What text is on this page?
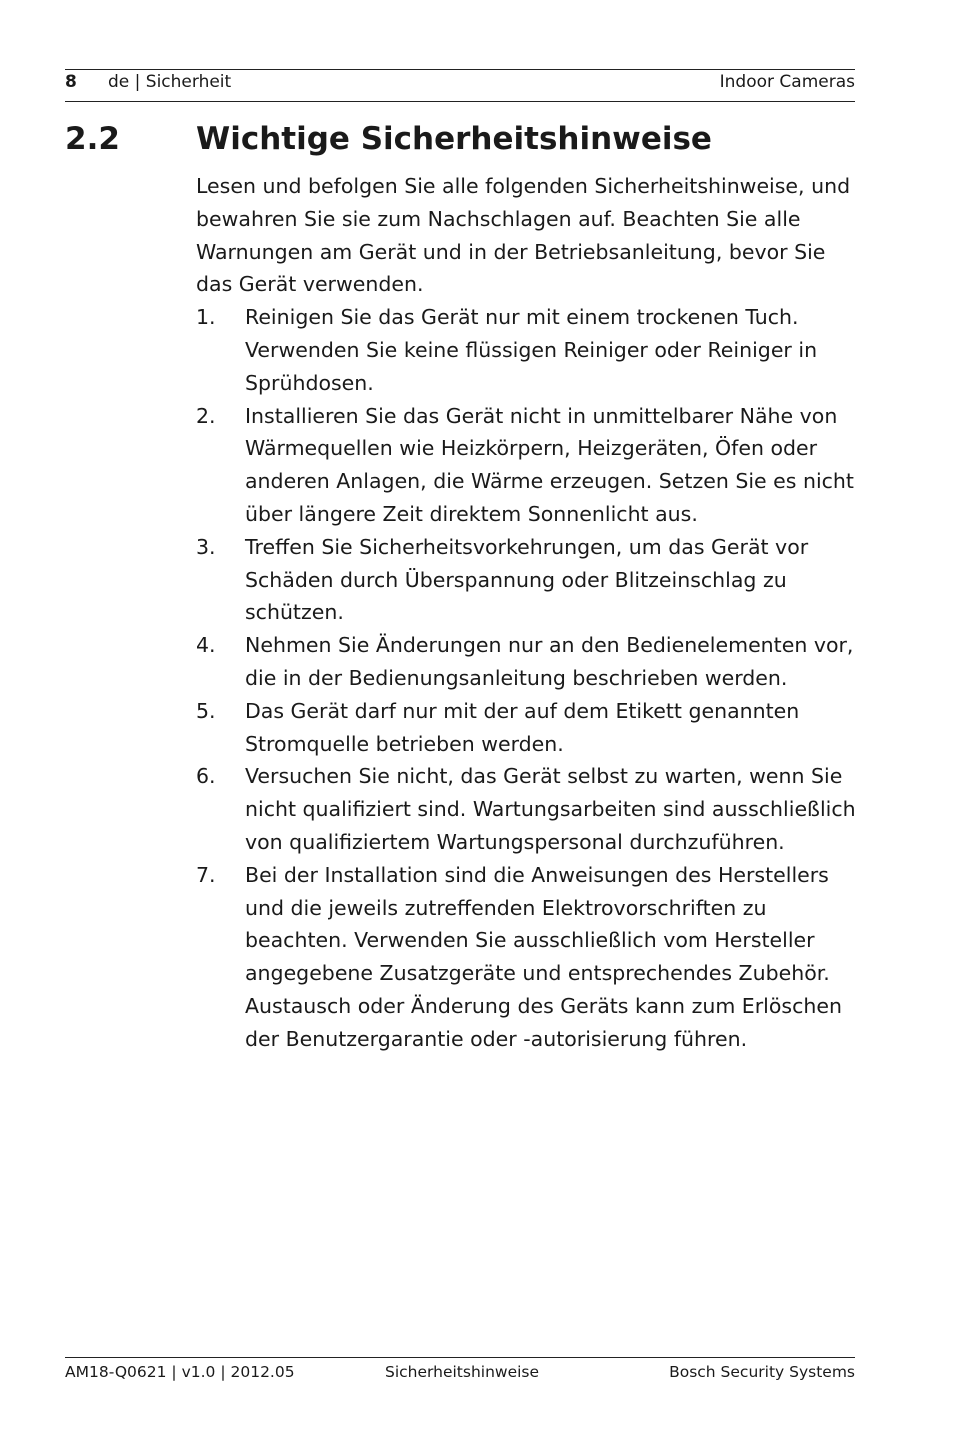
8 de | Sicherheit	Indoor Cameras
2.2 Wichtige Sicherheitshinweise

Lesen und befolgen Sie alle folgenden Sicherheitshinweise, und bewahren Sie sie zum Nachschlagen auf. Beachten Sie alle Warnungen am Gerät und in der Betriebsanleitung, bevor Sie das Gerät verwenden.

1. Reinigen Sie das Gerät nur mit einem trockenen Tuch. Verwenden Sie keine flüssigen Reiniger oder Reiniger in Sprühdosen.
2. Installieren Sie das Gerät nicht in unmittelbarer Nähe von Wärmequellen wie Heizkörpern, Heizgeräten, Öfen oder anderen Anlagen, die Wärme erzeugen. Setzen Sie es nicht über längere Zeit direktem Sonnenlicht aus.
3. Treffen Sie Sicherheitsvorkehrungen, um das Gerät vor Schäden durch Überspannung oder Blitzeinschlag zu schützen.
4. Nehmen Sie Änderungen nur an den Bedienelementen vor, die in der Bedienungsanleitung beschrieben werden.
5. Das Gerät darf nur mit der auf dem Etikett genannten Stromquelle betrieben werden.
6. Versuchen Sie nicht, das Gerät selbst zu warten, wenn Sie nicht qualifiziert sind. Wartungsarbeiten sind ausschließlich von qualifiziertem Wartungspersonal durchzuführen.
7. Bei der Installation sind die Anweisungen des Herstellers und die jeweils zutreffenden Elektrovorschriften zu beachten. Verwenden Sie ausschließlich vom Hersteller angegebene Zusatzgeräte und entsprechendes Zubehör. Austausch oder Änderung des Geräts kann zum Erlöschen der Benutzergarantie oder -autorisierung führen.
AM18-Q0621 | v1.0 | 2012.05	Sicherheitshinweise	Bosch Security Systems
